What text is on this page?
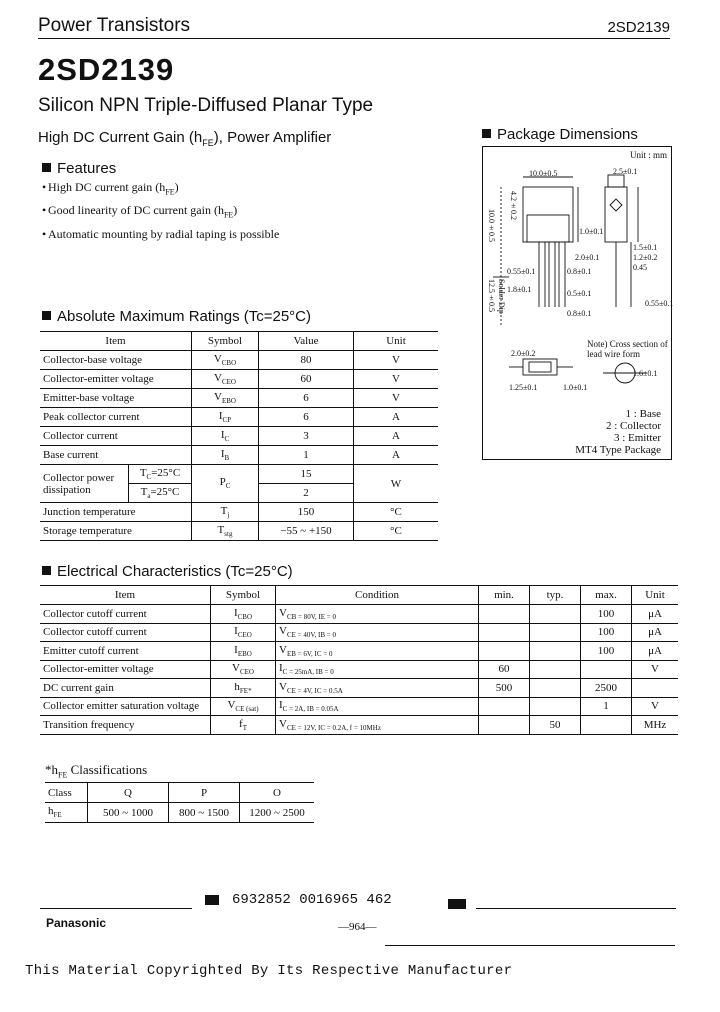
Power Transistors	2SD2139
2SD2139
Silicon NPN Triple-Diffused Planar Type
High DC Current Gain $(h_{FE})$, Power Amplifier
Features
• High DC current gain $(h_{FE})$
• Good linearity of DC current gain $(h_{FE})$
• Automatic mounting by radial taping is possible
Package Dimensions
Unit : mm
10.0±0.5	2.5±0.1
4.2±0.2
10.0±0.5	1.0±0.1
1.5±0.1
0.55±0.1	0.8±0.1
2.0±0.1
0.5±0.1
1.8±0.1
12.5±0.5
0.8±0.1
0.45
0.55±0.1
2.0±0.2
1.25±0.1	1.0±0.1
1.6±0.1
Solder Dip
1.2±0.2
Note) Cross section of
lead wire form
1 : Base
2 : Collector
3 : Emitter
MT4 Type Package
Absolute Maximum Ratings (Tc=25°C)
Item		Symbol	Value	Unit
Collector-base voltage		$V_{CBO}$	80	V
Collector-emitter voltage		$V_{CEO}$	60	V
Emitter-base voltage		$V_{EBO}$	6	V
Peak collector current		$I_{CP}$	6	A
Collector current		$I_C$	3	A
Base current		$I_B$	1	A
Collector power
dissipation	$T_C=25^\circ C$	$P_C$	15	W
	$T_a=25^\circ C$		2	
Junction temperature		$T_j$	150	°C
Storage temperature		$T_{stg}$	−55 ~ +150	°C
Electrical Characteristics (Tc=25°C)
Item	Symbol	Condition	min.	typ.	max.	Unit
Collector cutoff current	$I_{CBO}$	$V_{CB = 80V, IE = 0}$			100	μA
Collector cutoff current	$I_{CEO}$	$V_{CE = 40V, IB = 0}$			100	μA
Emitter cutoff current	$I_{EBO}$	$V_{EB = 6V, IC = 0}$			100	μA
Collector-emitter voltage	$V_{CEO}$	$I_{C = 25mA, IB = 0}$	60			V
DC current gain	$h_{FE*}$	$V_{CE = 4V, IC = 0.5A}$	500		2500	
Collector emitter saturation voltage	$V_{CE (sat)}$	$I_{C = 2A, IB = 0.05A}$			1	V
Transition frequency	$f_T$	$V_{CE = 12V, IC = 0.2A, f = 10MHz}$		50		MHz
$*h_{FE}$ Classifications
Class	Q	P	O
$h_{FE}$	500 ~ 1000	800 ~ 1500	1200 ~ 2500
6932852 0016965 462
Panasonic	—964—
This Material Copyrighted By Its Respective Manufacturer
